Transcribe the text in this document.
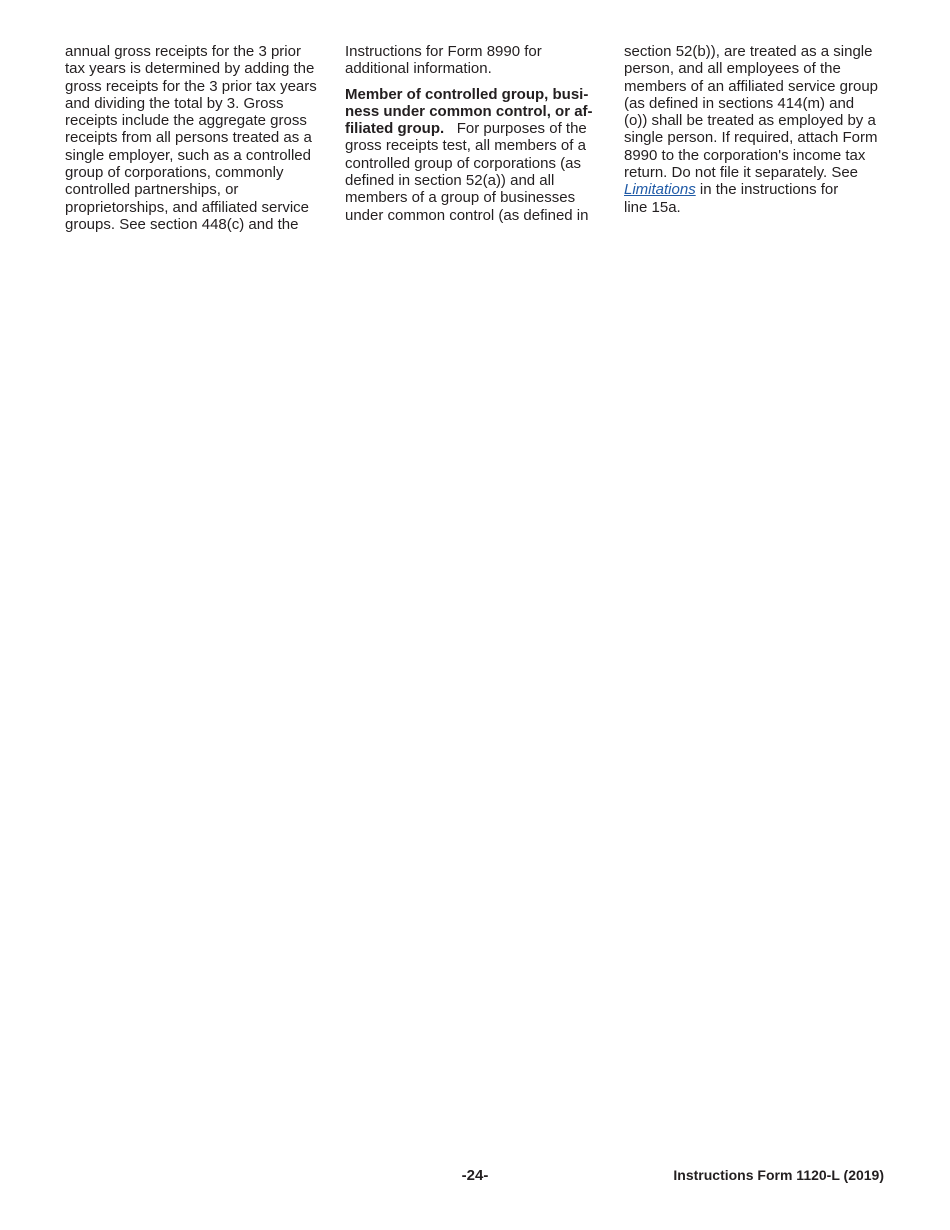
annual gross receipts for the 3 prior
tax years is determined by adding the
gross receipts for the 3 prior tax years
and dividing the total by 3. Gross
receipts include the aggregate gross
receipts from all persons treated as a
single employer, such as a controlled
group of corporations, commonly
controlled partnerships, or
proprietorships, and affiliated service
groups. See section 448(c) and the
Instructions for Form 8990 for
additional information.
Member of controlled group, busi-
ness under common control, or af-
filiated group. For purposes of the
gross receipts test, all members of a
controlled group of corporations (as
defined in section 52(a)) and all
members of a group of businesses
under common control (as defined in
section 52(b)), are treated as a single
person, and all employees of the
members of an affiliated service group
(as defined in sections 414(m) and
(o)) shall be treated as employed by a
single person. If required, attach Form
8990 to the corporation's income tax
return. Do not file it separately. See
Limitations in the instructions for
line 15a.
-24-	Instructions Form 1120-L (2019)
